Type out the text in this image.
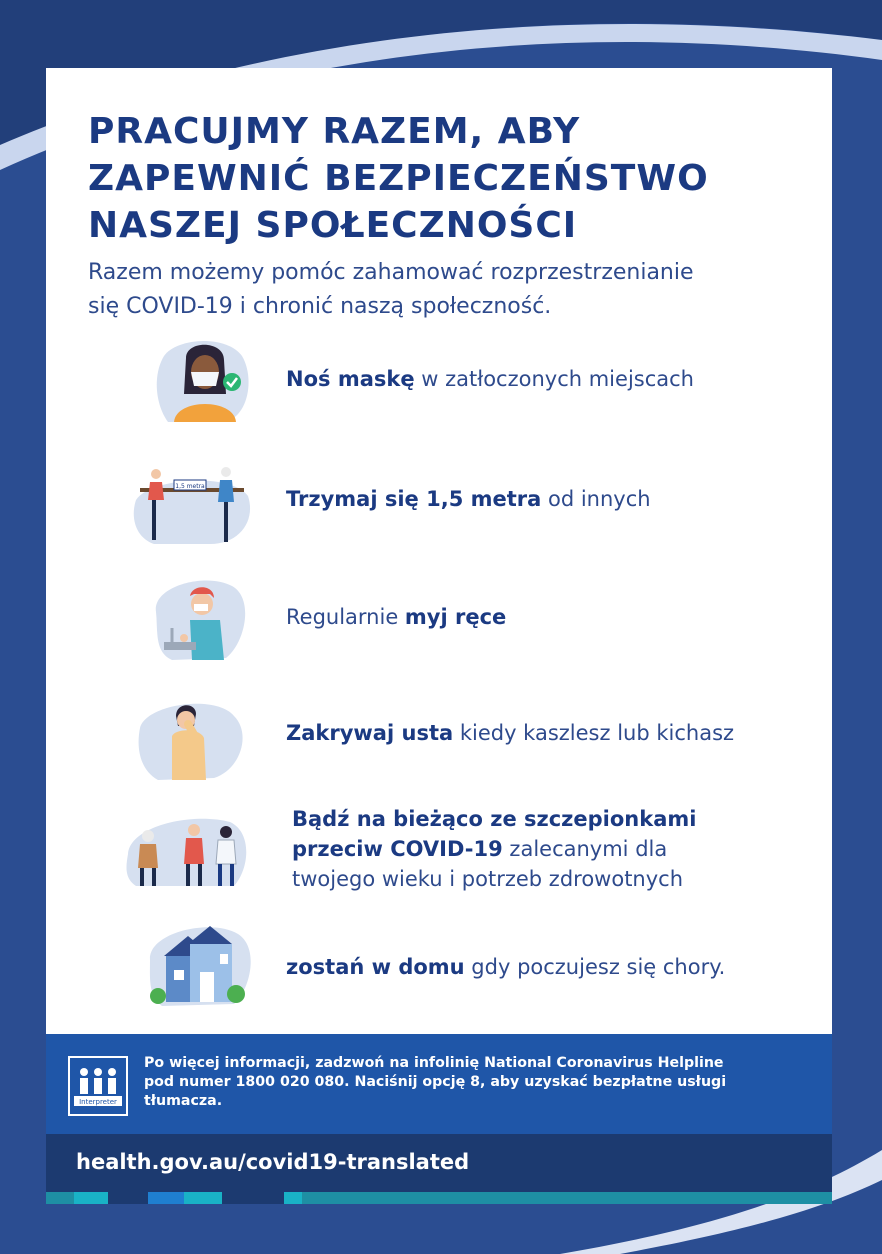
PRACUJMY RAZEM, ABY
ZAPEWNIĆ BEZPIECZEŃSTWO
NASZEJ SPOŁECZNOŚCI

Razem możemy pomóc zahamować rozprzestrzenianie
się COVID-19 i chronić naszą społeczność.

Noś maskę w zatłoczonych miejscach
1,5 metra
Trzymaj się 1,5 metra od innych
Regularnie myj ręce
Zakrywaj usta kiedy kaszlesz lub kichasz
Bądź na bieżąco ze szczepionkami
przeciw COVID-19 zalecanymi dla
twojego wieku i potrzeb zdrowotnych
zostań w domu gdy poczujesz się chory.
Interpreter
Po więcej informacji, zadzwoń na infolinię National Coronavirus Helpline
pod numer 1800 020 080. Naciśnij opcję 8, aby uzyskać bezpłatne usługi
tłumacza.
health.gov.au/covid19-translated
